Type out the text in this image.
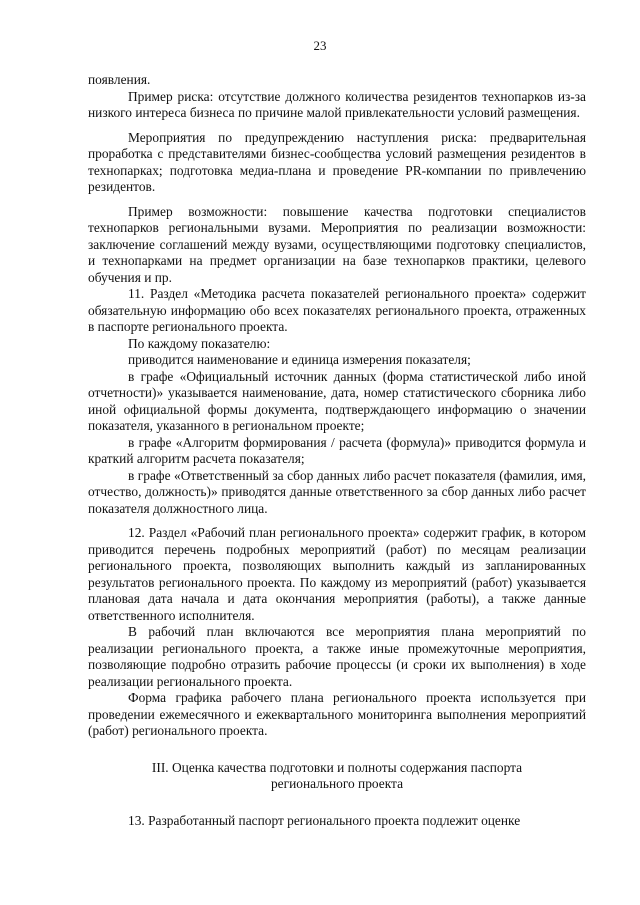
23

появления.

Пример риска: отсутствие должного количества резидентов технопарков из-за низкого интереса бизнеса по причине малой привлекательности условий размещения.

Мероприятия по предупреждению наступления риска: предварительная проработка с представителями бизнес-сообщества условий размещения резидентов в технопарках; подготовка медиа-плана и проведение PR-компании по привлечению резидентов.

Пример возможности: повышение качества подготовки специалистов технопарков региональными вузами. Мероприятия по реализации возможности: заключение соглашений между вузами, осуществляющими подготовку специалистов, и технопарками на предмет организации на базе технопарков практики, целевого обучения и пр.

11. Раздел «Методика расчета показателей регионального проекта» содержит обязательную информацию обо всех показателях регионального проекта, отраженных в паспорте регионального проекта.

По каждому показателю:

приводится наименование и единица измерения показателя;

в графе «Официальный источник данных (форма статистической либо иной отчетности)» указывается наименование, дата, номер статистического сборника либо иной официальной формы документа, подтверждающего информацию о значении показателя, указанного в региональном проекте;

в графе «Алгоритм формирования / расчета (формула)» приводится формула и краткий алгоритм расчета показателя;

в графе «Ответственный за сбор данных либо расчет показателя (фамилия, имя, отчество, должность)» приводятся данные ответственного за сбор данных либо расчет показателя должностного лица.

12. Раздел «Рабочий план регионального проекта» содержит график, в котором приводится перечень подробных мероприятий (работ) по месяцам реализации регионального проекта, позволяющих выполнить каждый из запланированных результатов регионального проекта. По каждому из мероприятий (работ) указывается плановая дата начала и дата окончания мероприятия (работы), а также данные ответственного исполнителя.

В рабочий план включаются все мероприятия плана мероприятий по реализации регионального проекта, а также иные промежуточные мероприятия, позволяющие подробно отразить рабочие процессы (и сроки их выполнения) в ходе реализации регионального проекта.

Форма графика рабочего плана регионального проекта используется при проведении ежемесячного и ежеквартального мониторинга выполнения мероприятий (работ) регионального проекта.

III. Оценка качества подготовки и полноты содержания паспорта
регионального проекта

13. Разработанный паспорт регионального проекта подлежит оценке
